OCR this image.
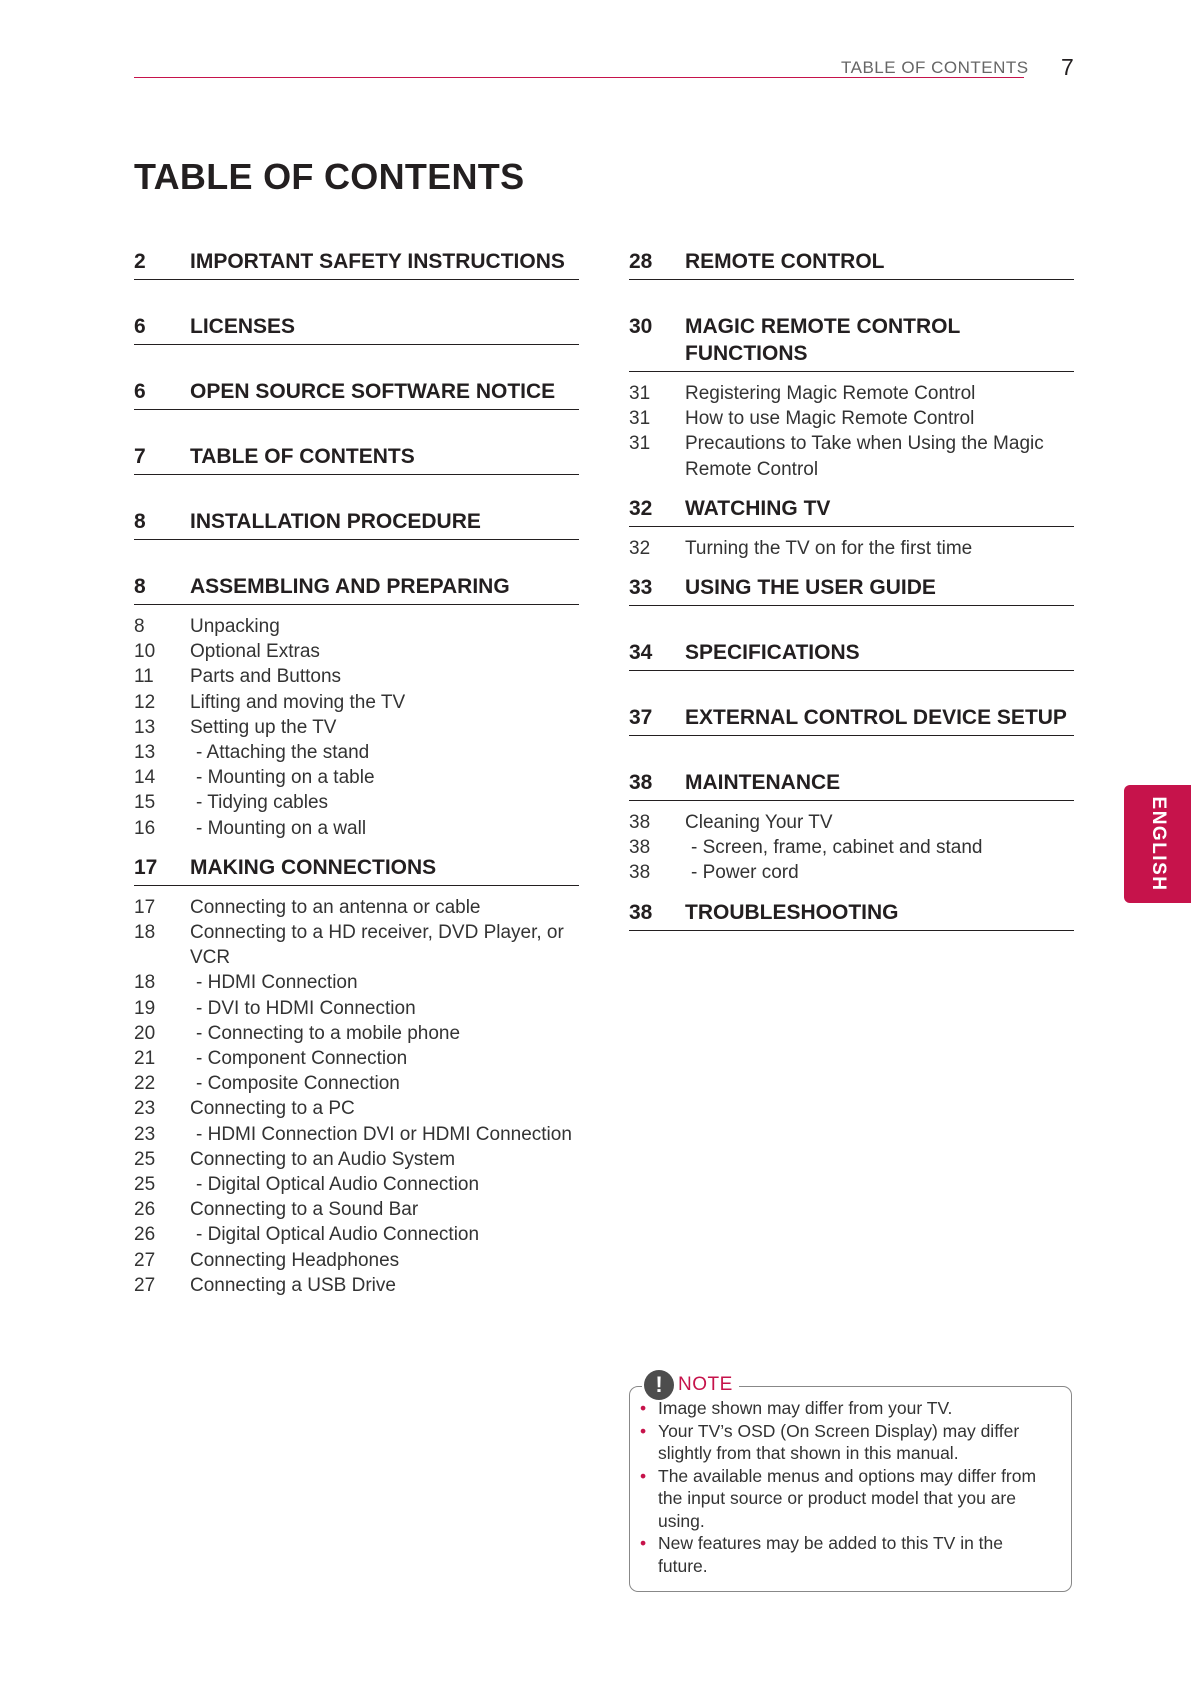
TABLE OF CONTENTS 7
TABLE OF CONTENTS
2	IMPORTANT SAFETY INSTRUCTIONS
6	LICENSES
6	OPEN SOURCE SOFTWARE NOTICE
7	TABLE OF CONTENTS
8	INSTALLATION PROCEDURE
8	ASSEMBLING AND PREPARING
8	Unpacking
10	Optional Extras
11	Parts and Buttons
12	Lifting and moving the TV
13	Setting up the TV
13	- Attaching the stand
14	- Mounting on a table
15	- Tidying cables
16	- Mounting on a wall
17	MAKING CONNECTIONS
17	Connecting to an antenna or cable
18	Connecting to a HD receiver, DVD Player, or VCR
18	- HDMI Connection
19	- DVI to HDMI Connection
20	- Connecting to a mobile phone
21	- Component Connection
22	- Composite Connection
23	Connecting to a PC
23	- HDMI Connection DVI or HDMI Connection
25	Connecting to an Audio System
25	- Digital Optical Audio Connection
26	Connecting to a Sound Bar
26	- Digital Optical Audio Connection
27	Connecting Headphones
27	Connecting a USB Drive
28	REMOTE CONTROL
30	MAGIC REMOTE CONTROL FUNCTIONS
31	Registering Magic Remote Control
31	How to use Magic Remote Control
31	Precautions to Take when Using the Magic Remote Control
32	WATCHING TV
32	Turning the TV on for the first time
33	USING THE USER GUIDE
34	SPECIFICATIONS
37	EXTERNAL CONTROL DEVICE SETUP
38	MAINTENANCE
38	Cleaning Your TV
38	- Screen, frame, cabinet and stand
38	- Power cord
38	TROUBLESHOOTING
! NOTE
• Image shown may differ from your TV.
• Your TV’s OSD (On Screen Display) may differ slightly from that shown in this manual.
• The available menus and options may differ from the input source or product model that you are using.
• New features may be added to this TV in the future.
ENGLISH
